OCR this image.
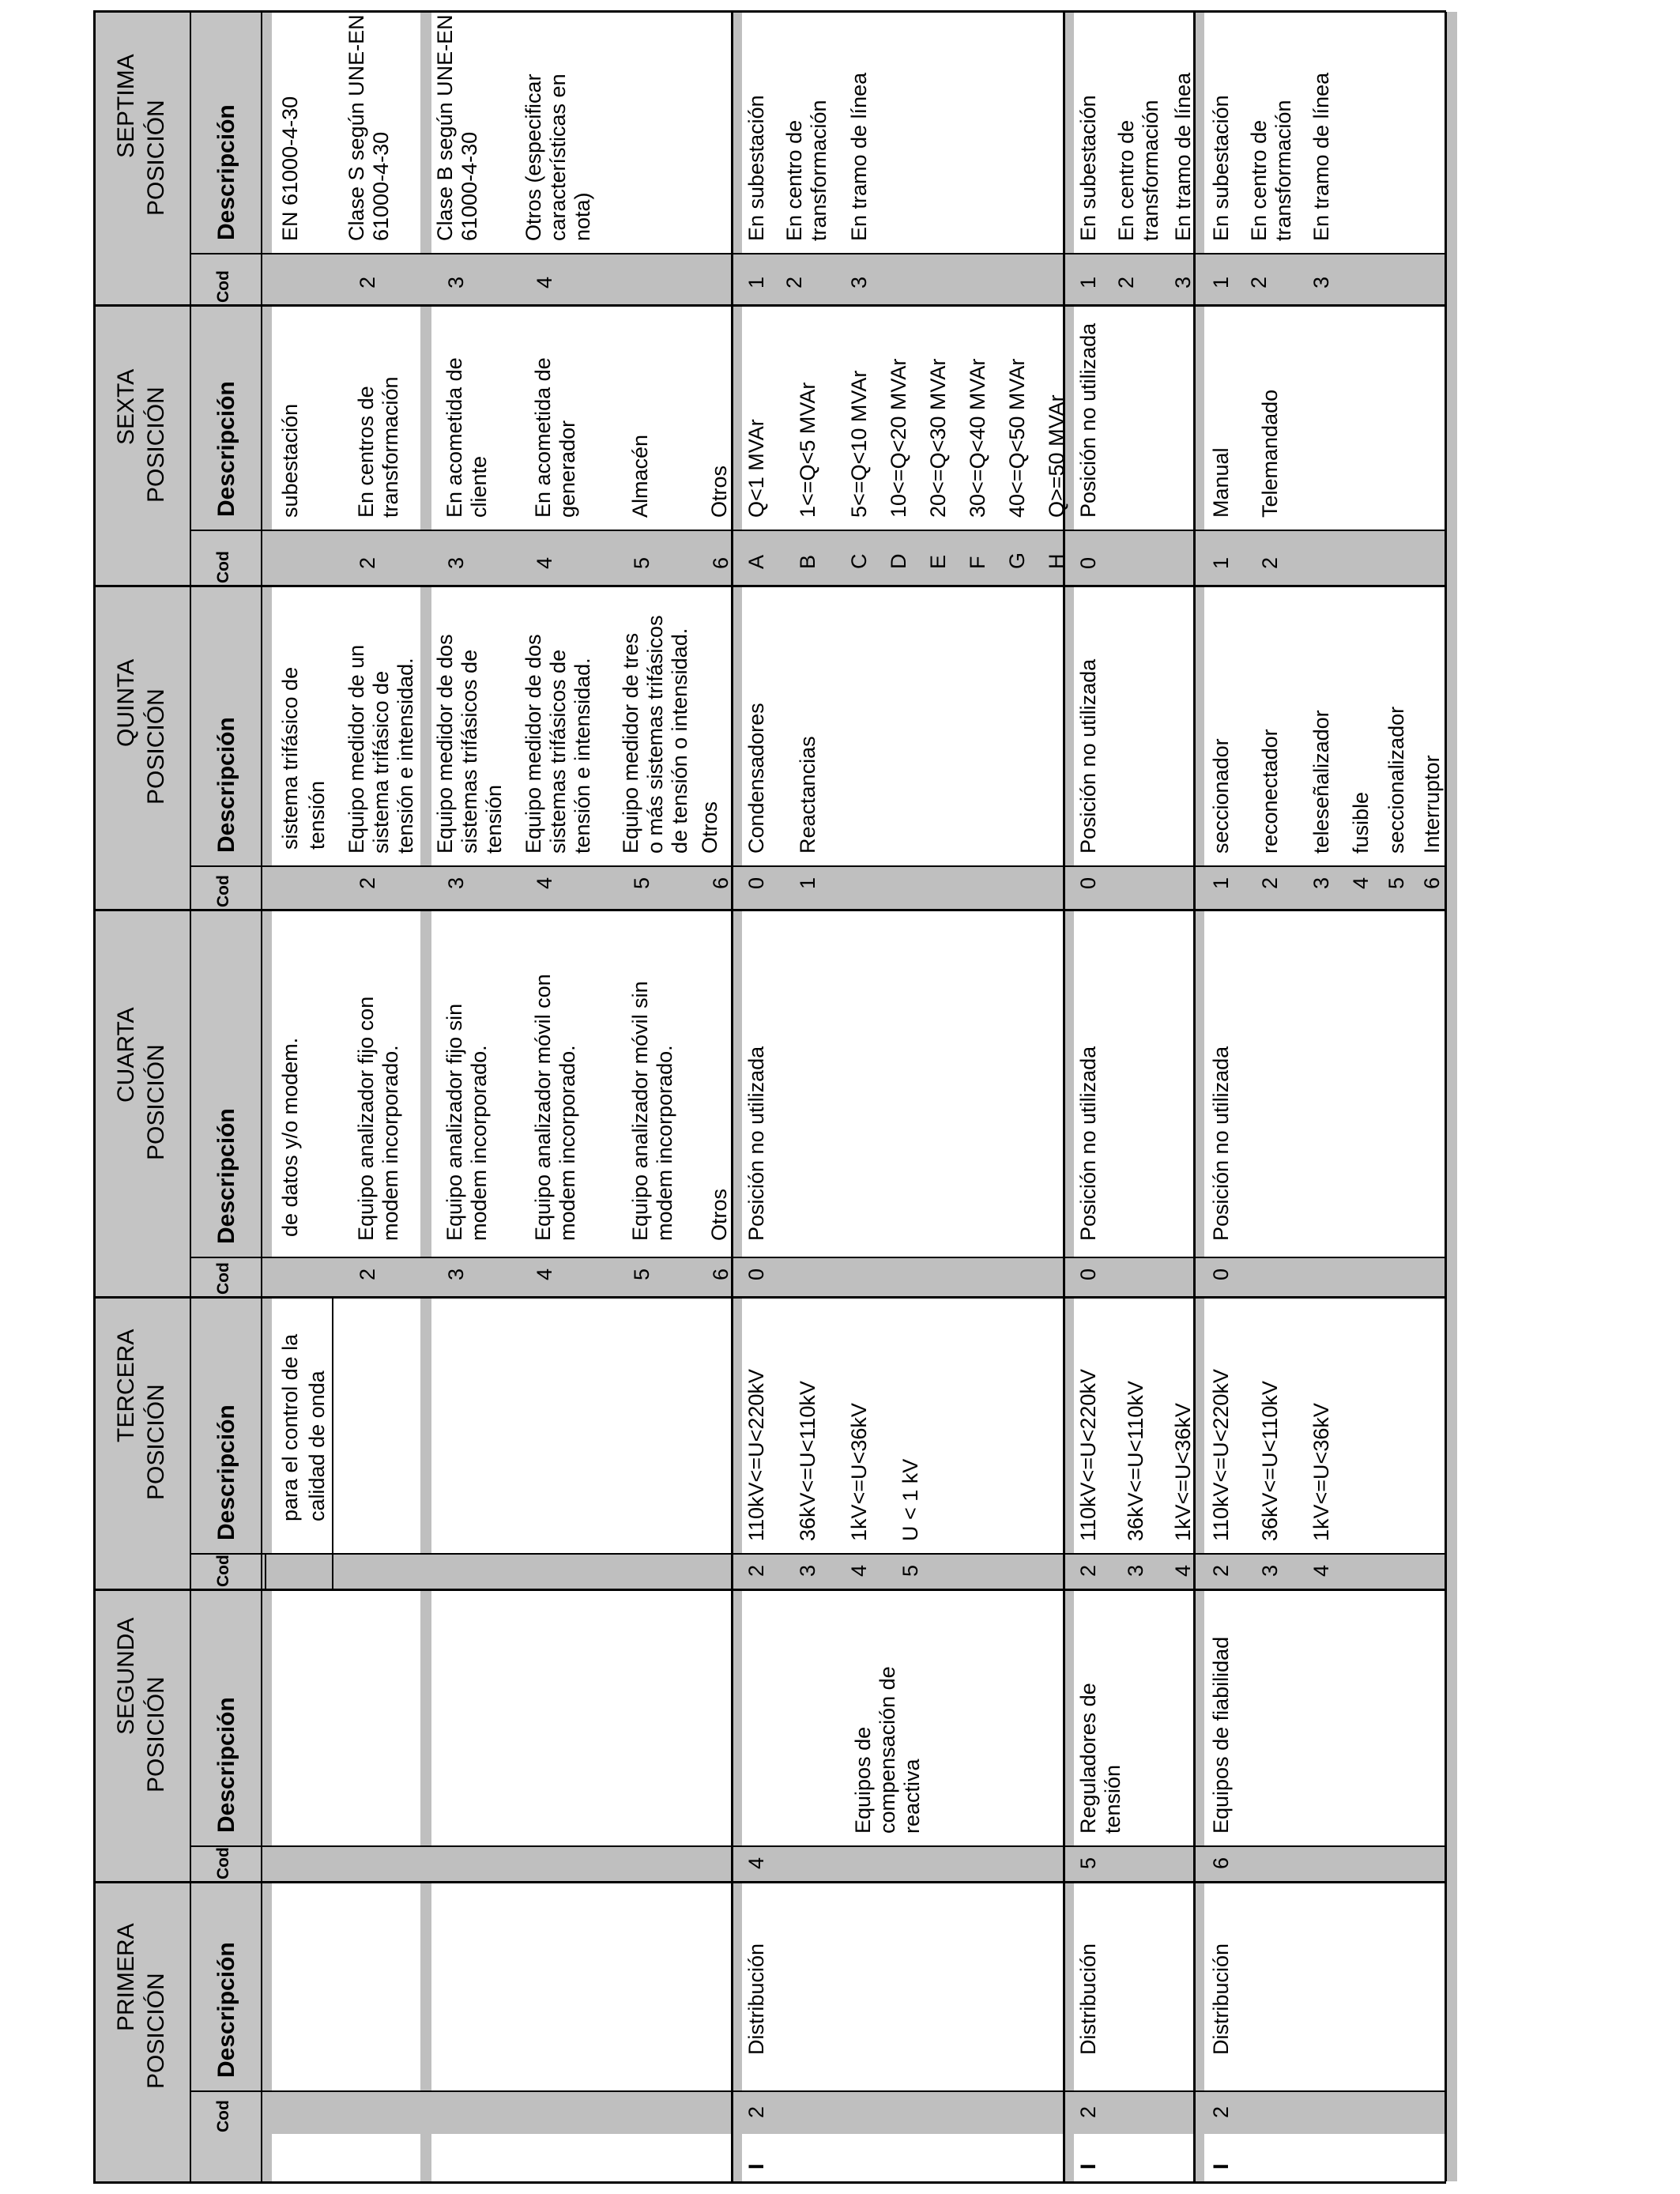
POSICIÓN
POSICIÓN
POSICIÓN
POSICIÓN
POSICIÓN
POSICIÓN
POSICIÓN
Cod
Descripción
Cod
Descripción
Cod
Descripción
Cod
Descripción
Cod
Descripción
Cod
Descripción
Cod
Descripción
para el control de la calidad de onda
de datos y/o modem.
sistema trifásico de tensión
subestación
EN 61000-4-30
2
Equipo analizador fijo con modem incorporado.
3
Equipo analizador fijo sin modem incorporado.
4
Equipo analizador móvil con modem incorporado.
5
Equipo analizador móvil sin modem incorporado.
6
Otros
2
Equipo medidor de un sistema trifásico de tensión e intensidad.
3
Equipo medidor de dos sistemas trifásicos de tensión
4
Equipo medidor de dos sistemas trifásicos de tensión e intensidad.
5
Equipo medidor de tres o más sistemas trifásicos de tensión o intensidad.
6
Otros
2
En centros de transformación
3
En acometida de cliente
4
En acometida de generador
5
Almacén
6
Otros
2
Clase S según UNE-EN 61000-4-30
3
Clase B según UNE-EN 61000-4-30
4
Otros (especificar características en nota)
I
2
Distribución
4
Equipos de compensación de reactiva
2
110kV<=U<220kV
3
36kV<=U<110kV
4
1kV<=U<36kV
5
U < 1 kV
0
Posición no utilizada
0
Condensadores
1
Reactancias
A
Q<1 MVAr
B
1<=Q<5 MVAr
C
5<=Q<10 MVAr
D
10<=Q<20 MVAr
E
20<=Q<30 MVAr
F
30<=Q<40 MVAr
G
40<=Q<50 MVAr
H
Q>=50 MVAr
1
En subestación
2
En centro de transformación
3
En tramo de línea
I
2
Distribución
5
Reguladores de tensión
2
110kV<=U<220kV
3
36kV<=U<110kV
4
1kV<=U<36kV
0
Posición no utilizada
0
Posición no utilizada
0
Posición no utilizada
1
En subestación
2
En centro de transformación
3
En tramo de línea
I
2
Distribución
6
Equipos de fiabilidad
2
110kV<=U<220kV
3
36kV<=U<110kV
4
1kV<=U<36kV
0
Posición no utilizada
1
seccionador
2
reconectador
3
teleseñalizador
4
fusible
5
seccionalizador
6
Interruptor
1
Manual
2
Telemandado
1
En subestación
2
En centro de transformación
3
En tramo de línea
